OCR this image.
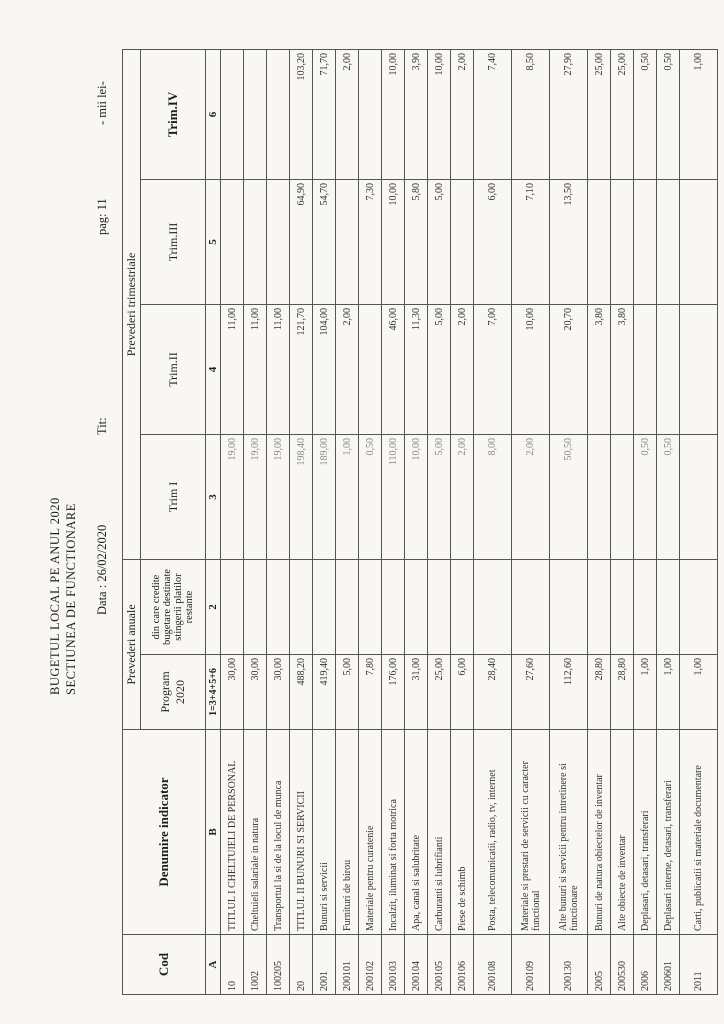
BUGETUL LOCAL PE ANUL 2020 SECTIUNEA DE FUNCTIONARE Data : 26/02/2020
Tit:
pag: 11
- mii lei-
Cod	Denumire indicator	Prevederi anuale		Prevederi trimestriale			
		Program 2020	din care credite bugetare destinate stingerii platilor restante	Trim I	Trim.II	Trim.III	Trim.IV
A	B	1=3+4+5+6	2	3	4	5	6
10	TITLUL I CHELTUIELI DE PERSONAL	30,00		19,00	11,00		
1002	Cheltuieli salariale in natura	30,00		19,00	11,00		
100205	Transportul la si de la locul de munca	30,00		19,00	11,00		
20	TITLUL II BUNURI SI SERVICII	488,20		198,40	121,70	64,90	103,20
2001	Bunuri si servicii	419,40		189,00	104,00	54,70	71,70
200101	Furnituri de birou	5,00		1,00	2,00		2,00
200102	Materiale pentru curatenie	7,80		0,50		7,30	
200103	Incalzit, iluminat si forta motrica	176,00		110,00	46,00	10,00	10,00
200104	Apa, canal si salubritate	31,00		10,00	11,30	5,80	3,90
200105	Carburanti si lubrifianti	25,00		5,00	5,00	5,00	10,00
200106	Piese de schimb	6,00		2,00	2,00		2,00
200108	Posta, telecomunicatii, radio, tv, internet	28,40		8,00	7,00	6,00	7,40
200109	Materiale si prestari de servicii cu caracter functional	27,60		2,00	10,00	7,10	8,50
200130	Alte bunuri si servicii pentru intretinere si functionare	112,60		50,50	20,70	13,50	27,90
2005	Bunuri de natura obiectelor de inventar	28,80			3,80		25,00
200530	Alte obiecte de inventar	28,80			3,80		25,00
2006	Deplasari, detasari, transferari	1,00		0,50			0,50
200601	Deplasari interne, detasari, transferari	1,00		0,50			0,50
2011	Carti, publicatii si materiale documentare	1,00					1,00
